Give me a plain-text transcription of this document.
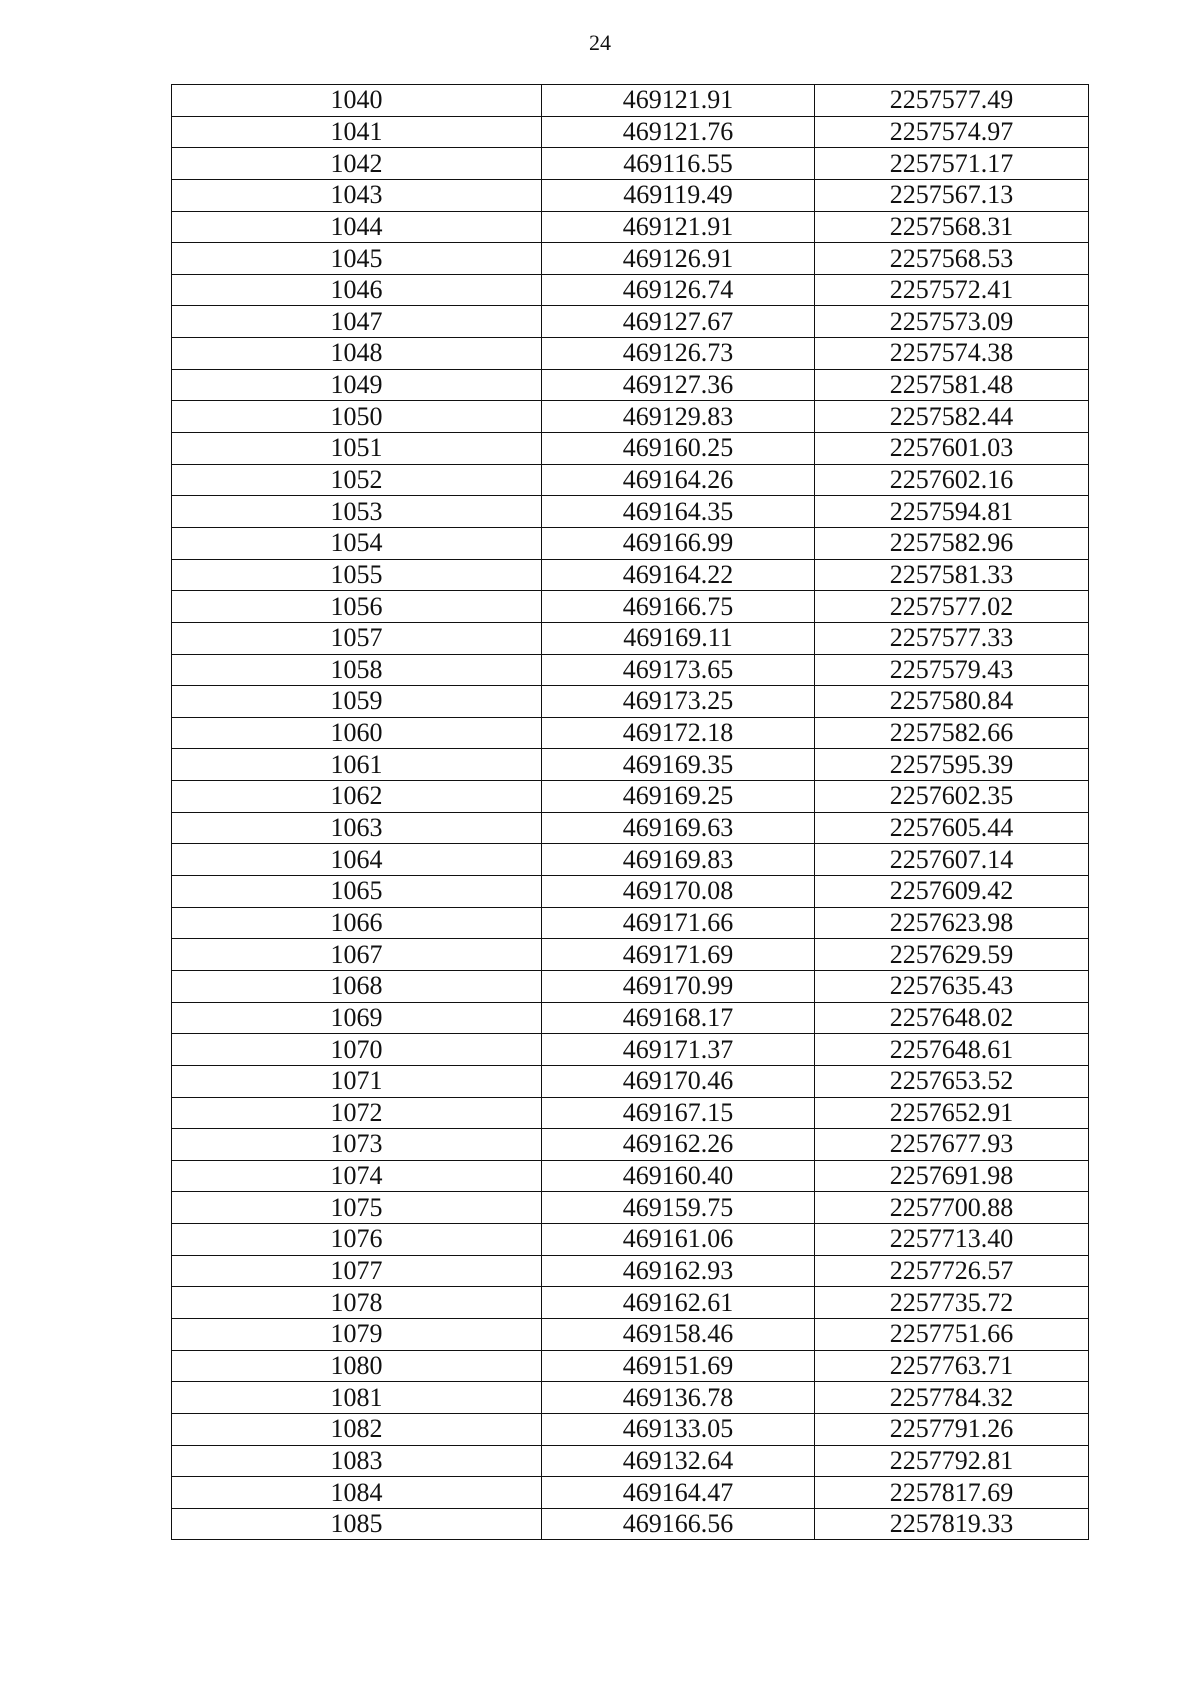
24
1040	469121.91	2257577.49
1041	469121.76	2257574.97
1042	469116.55	2257571.17
1043	469119.49	2257567.13
1044	469121.91	2257568.31
1045	469126.91	2257568.53
1046	469126.74	2257572.41
1047	469127.67	2257573.09
1048	469126.73	2257574.38
1049	469127.36	2257581.48
1050	469129.83	2257582.44
1051	469160.25	2257601.03
1052	469164.26	2257602.16
1053	469164.35	2257594.81
1054	469166.99	2257582.96
1055	469164.22	2257581.33
1056	469166.75	2257577.02
1057	469169.11	2257577.33
1058	469173.65	2257579.43
1059	469173.25	2257580.84
1060	469172.18	2257582.66
1061	469169.35	2257595.39
1062	469169.25	2257602.35
1063	469169.63	2257605.44
1064	469169.83	2257607.14
1065	469170.08	2257609.42
1066	469171.66	2257623.98
1067	469171.69	2257629.59
1068	469170.99	2257635.43
1069	469168.17	2257648.02
1070	469171.37	2257648.61
1071	469170.46	2257653.52
1072	469167.15	2257652.91
1073	469162.26	2257677.93
1074	469160.40	2257691.98
1075	469159.75	2257700.88
1076	469161.06	2257713.40
1077	469162.93	2257726.57
1078	469162.61	2257735.72
1079	469158.46	2257751.66
1080	469151.69	2257763.71
1081	469136.78	2257784.32
1082	469133.05	2257791.26
1083	469132.64	2257792.81
1084	469164.47	2257817.69
1085	469166.56	2257819.33
